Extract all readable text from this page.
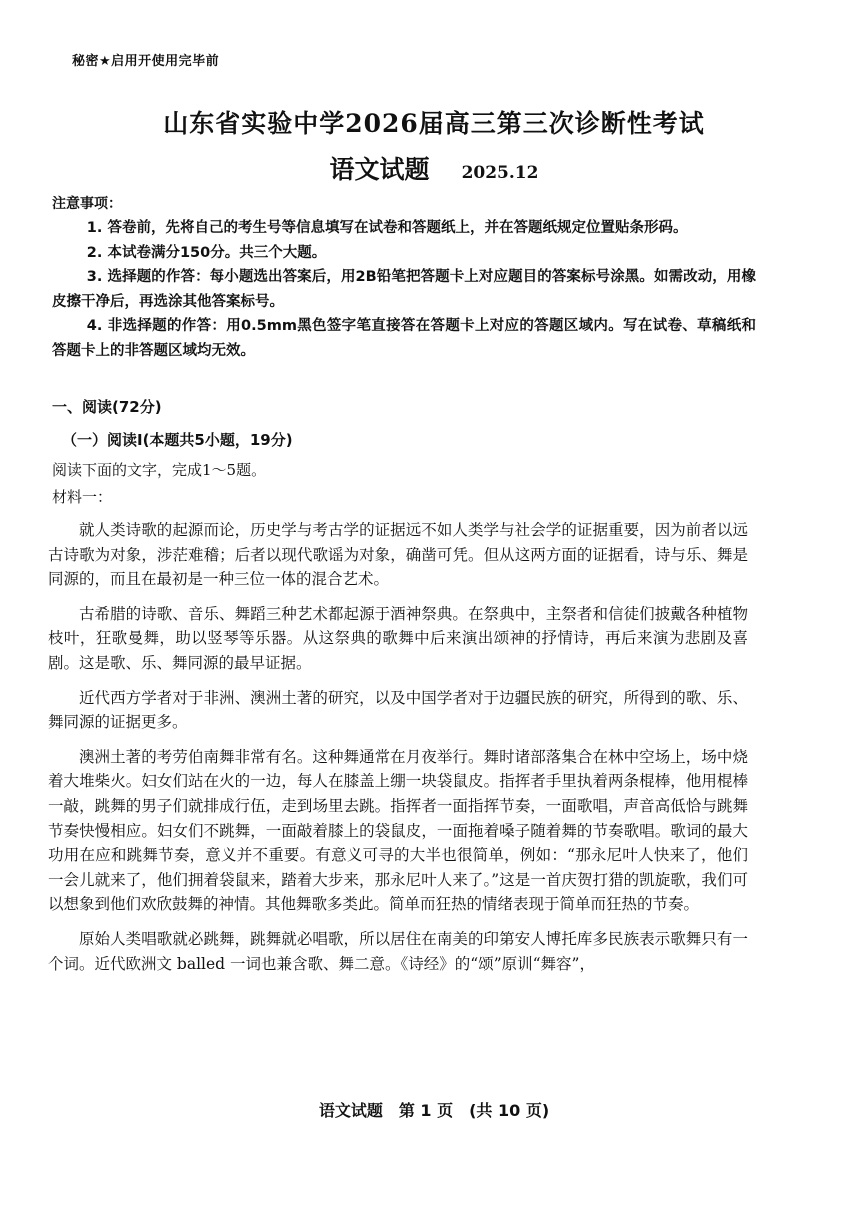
秘密★启用开使用完毕前
山东省实验中学2026届高三第三次诊断性考试
语文试题 2025.12
注意事项：

1. 答卷前，先将自己的考生号等信息填写在试卷和答题纸上，并在答题纸规定位置贴条形码。

2. 本试卷满分150分。共三个大题。

3. 选择题的作答：每小题选出答案后，用2B铅笔把答题卡上对应题目的答案标号涂黑。如需改动，用橡皮擦干净后，再选涂其他答案标号。

4. 非选择题的作答：用0.5mm黑色签字笔直接答在答题卡上对应的答题区域内。写在试卷、草稿纸和答题卡上的非答题区域均无效。

一、阅读(72分)
（一）阅读Ⅰ(本题共5小题，19分)
阅读下面的文字，完成1～5题。
材料一：

就人类诗歌的起源而论，历史学与考古学的证据远不如人类学与社会学的证据重要，因为前者以远古诗歌为对象，涉茫难稽；后者以现代歌谣为对象，确凿可凭。但从这两方面的证据看，诗与乐、舞是同源的，而且在最初是一种三位一体的混合艺术。

古希腊的诗歌、音乐、舞蹈三种艺术都起源于酒神祭典。在祭典中，主祭者和信徒们披戴各种植物枝叶，狂歌曼舞，助以竖琴等乐器。从这祭典的歌舞中后来演出颂神的抒情诗，再后来演为悲剧及喜剧。这是歌、乐、舞同源的最早证据。

近代西方学者对于非洲、澳洲土著的研究，以及中国学者对于边疆民族的研究，所得到的歌、乐、舞同源的证据更多。

澳洲土著的考劳伯南舞非常有名。这种舞通常在月夜举行。舞时诸部落集合在林中空场上，场中烧着大堆柴火。妇女们站在火的一边，每人在膝盖上绷一块袋鼠皮。指挥者手里执着两条棍棒，他用棍棒一敲，跳舞的男子们就排成行伍，走到场里去跳。指挥者一面指挥节奏，一面歌唱，声音高低恰与跳舞节奏快慢相应。妇女们不跳舞，一面敲着膝上的袋鼠皮，一面拖着嗓子随着舞的节奏歌唱。歌词的最大功用在应和跳舞节奏，意义并不重要。有意义可寻的大半也很简单，例如：“那永尼叶人快来了，他们一会儿就来了，他们拥着袋鼠来，踏着大步来，那永尼叶人来了。”这是一首庆贺打猎的凯旋歌，我们可以想象到他们欢欣鼓舞的神情。其他舞歌多类此。简单而狂热的情绪表现于简单而狂热的节奏。

原始人类唱歌就必跳舞，跳舞就必唱歌，所以居住在南美的印第安人博托库多民族表示歌舞只有一个词。近代欧洲文 balled 一词也兼含歌、舞二意。《诗经》的“颂”原训“舞容”，

语文试题　第 1 页　(共 10 页)
